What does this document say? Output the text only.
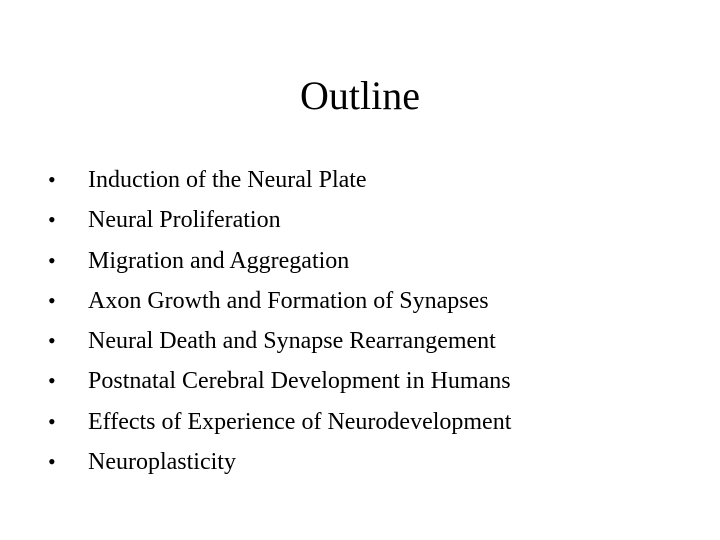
Outline
•	Induction of the Neural Plate
•	Neural Proliferation
•	Migration and Aggregation
•	Axon Growth and Formation of Synapses
•	Neural Death and Synapse Rearrangement
•	Postnatal Cerebral Development in Humans
•	Effects of Experience of Neurodevelopment
•	Neuroplasticity
